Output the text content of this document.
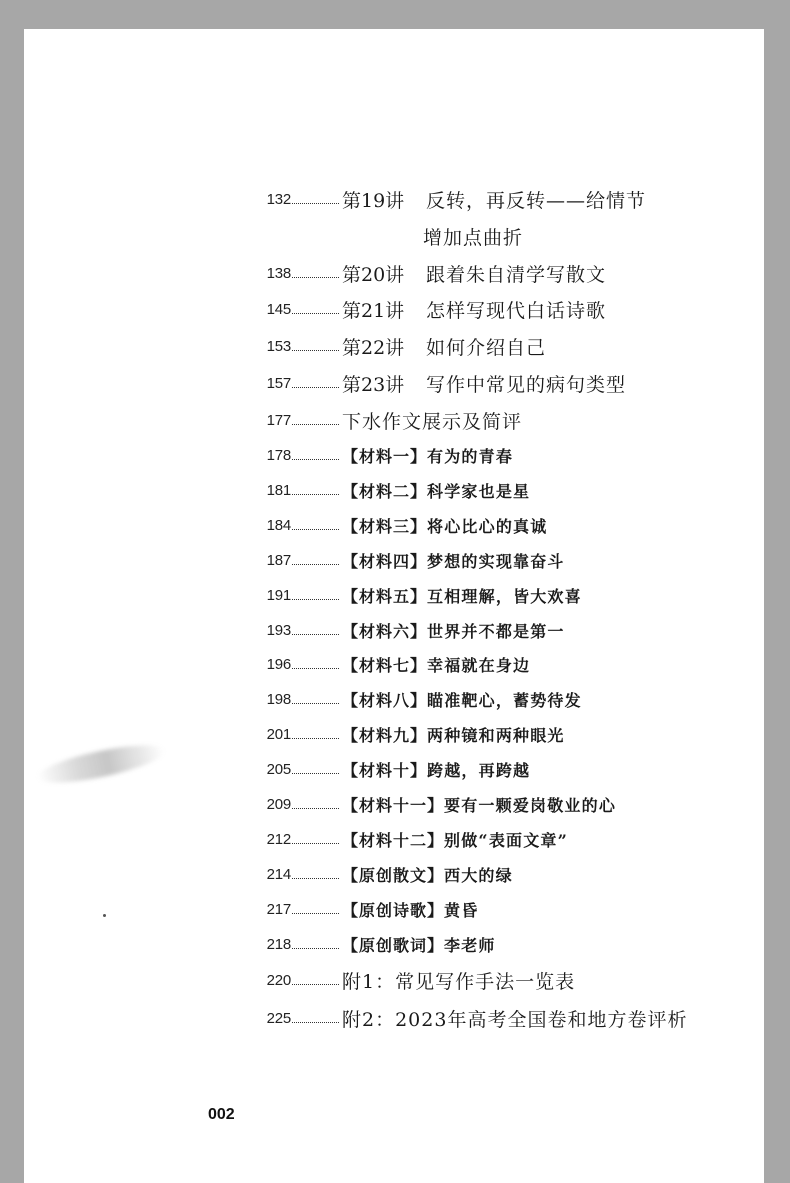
132	第19讲	反转，再反转——给情节
增加点曲折
138	第20讲	跟着朱自清学写散文
145	第21讲	怎样写现代白话诗歌
153	第22讲	如何介绍自己
157	第23讲	写作中常见的病句类型
177	下水作文展示及简评
178	【材料一】 有为的青春
181	【材料二】 科学家也是星
184	【材料三】 将心比心的真诚
187	【材料四】 梦想的实现靠奋斗
191	【材料五】 互相理解，皆大欢喜
193	【材料六】 世界并不都是第一
196	【材料七】 幸福就在身边
198	【材料八】 瞄准靶心，蓄势待发
201	【材料九】 两种镜和两种眼光
205	【材料十】 跨越，再跨越
209	【材料十一】 要有一颗爱岗敬业的心
212	【材料十二】 别做“表面文章”
214	【原创散文】 西大的绿
217	【原创诗歌】 黄昏
218	【原创歌词】 李老师
220	附1：常见写作手法一览表
225	附2：2023年高考全国卷和地方卷评析
002
